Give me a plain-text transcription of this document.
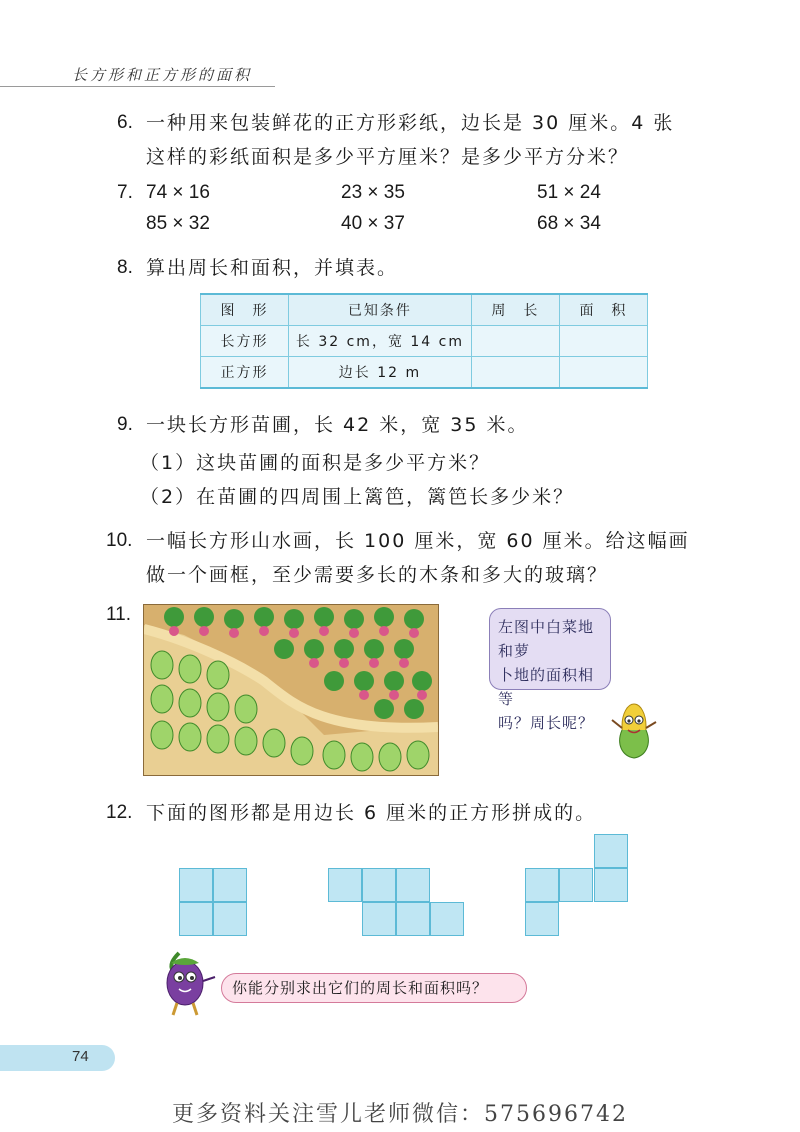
长方形和正方形的面积
6. 一种用来包装鲜花的正方形彩纸，边长是 30 厘米。4 张
这样的彩纸面积是多少平方厘米？是多少平方分米？
7. 74 × 16	23 × 35	51 × 24
85 × 32	40 × 37	68 × 34
8. 算出周长和面积，并填表。
图　形	已知条件	周　长	面　积
长方形	长 32 cm，宽 14 cm		
正方形	边长 12 m		
9. 一块长方形苗圃，长 42 米，宽 35 米。
（1）这块苗圃的面积是多少平方米？
（2）在苗圃的四周围上篱笆，篱笆长多少米？
10. 一幅长方形山水画，长 100 厘米，宽 60 厘米。给这幅画
做一个画框，至少需要多长的木条和多大的玻璃？
11.
左图中白菜地和萝
卜地的面积相等
吗？周长呢？
12. 下面的图形都是用边长 6 厘米的正方形拼成的。
你能分别求出它们的周长和面积吗？
74
更多资料关注雪儿老师微信：575696742
